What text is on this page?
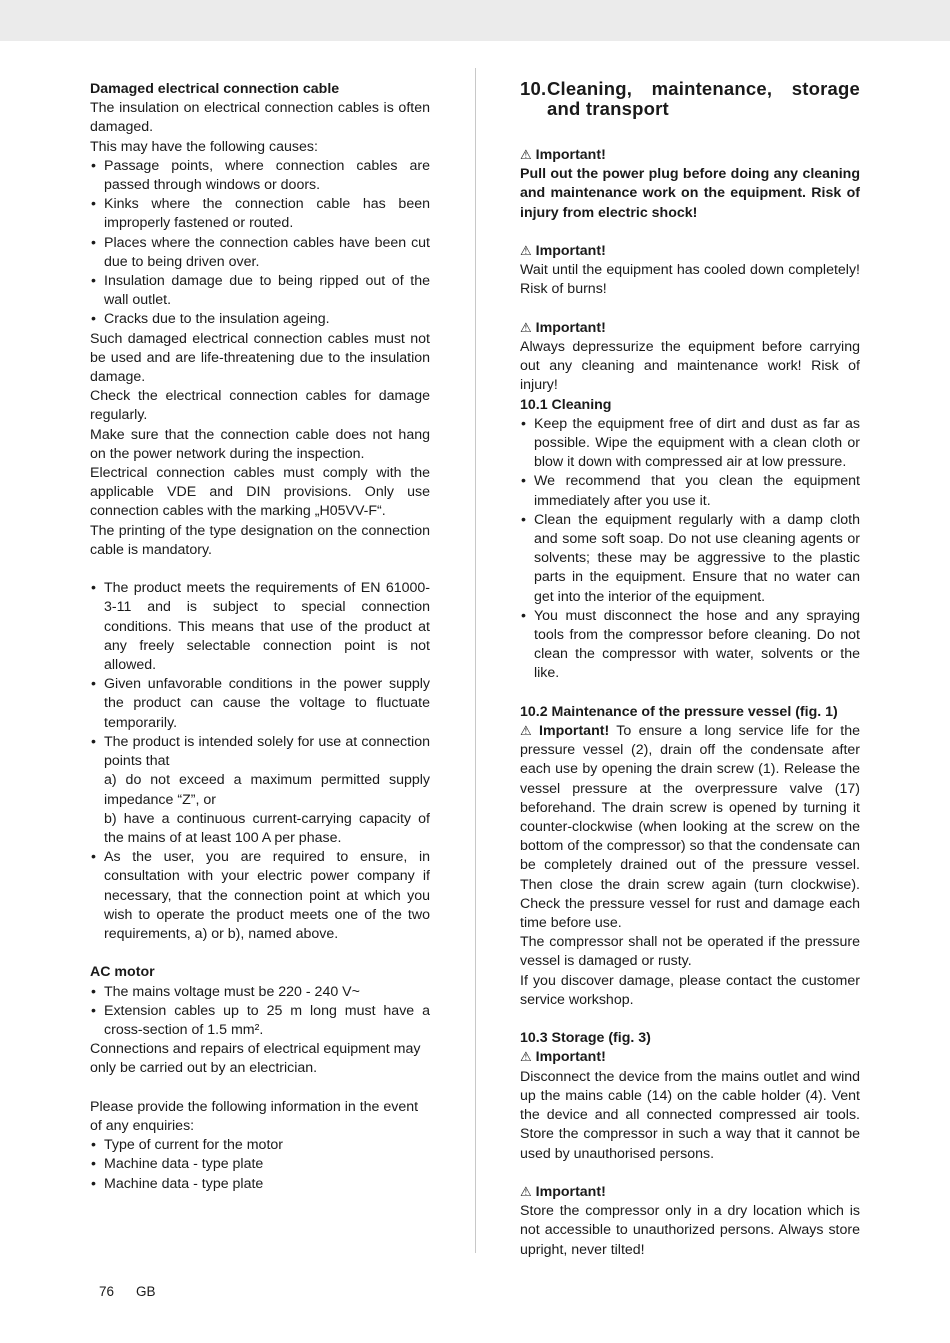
Damaged electrical connection cable

The insulation on electrical connection cables is often damaged.

This may have the following causes:

• Passage points, where connection cables are passed through windows or doors.
• Kinks where the connection cable has been improperly fastened or routed.
• Places where the connection cables have been cut due to being driven over.
• Insulation damage due to being ripped out of the wall outlet.
• Cracks due to the insulation ageing.

Such damaged electrical connection cables must not be used and are life-threatening due to the insulation damage.

Check the electrical connection cables for damage regularly.

Make sure that the connection cable does not hang on the power network during the inspection.

Electrical connection cables must comply with the applicable VDE and DIN provisions. Only use connection cables with the marking „H05VV-F“.

The printing of the type designation on the connection cable is mandatory.

• The product meets the requirements of EN 61000-3-11 and is subject to special connection conditions. This means that use of the product at any freely selectable connection point is not allowed.
• Given unfavorable conditions in the power supply the product can cause the voltage to fluctuate temporarily.
• The product is intended solely for use at connection points that
a) do not exceed a maximum permitted supply impedance “Z”, or
b) have a continuous current-carrying capacity of the mains of at least 100 A per phase.
• As the user, you are required to ensure, in consultation with your electric power company if necessary, that the connection point at which you wish to operate the product meets one of the two requirements, a) or b), named above.

AC motor

• The mains voltage must be 220 - 240 V~
• Extension cables up to 25 m long must have a cross-section of 1.5 mm².

Connections and repairs of electrical equipment may only be carried out by an electrician.

Please provide the following information in the event of any enquiries:

• Type of current for the motor
• Machine data - type plate
• Machine data - type plate
10. Cleaning, maintenance, storage
and transport

⚠ Important!

Pull out the power plug before doing any cleaning and maintenance work on the equipment. Risk of injury from electric shock!

⚠ Important!

Wait until the equipment has cooled down completely! Risk of burns!

⚠ Important!

Always depressurize the equipment before carrying out any cleaning and maintenance work! Risk of injury!

10.1 Cleaning

• Keep the equipment free of dirt and dust as far as possible. Wipe the equipment with a clean cloth or blow it down with compressed air at low pressure.
• We recommend that you clean the equipment immediately after you use it.
• Clean the equipment regularly with a damp cloth and some soft soap. Do not use cleaning agents or solvents; these may be aggressive to the plastic parts in the equipment. Ensure that no water can get into the interior of the equipment.
• You must disconnect the hose and any spraying tools from the compressor before cleaning. Do not clean the compressor with water, solvents or the like.

10.2 Maintenance of the pressure vessel (fig. 1)

⚠ Important! To ensure a long service life for the pressure vessel (2), drain off the condensate after each use by opening the drain screw (1). Release the vessel pressure at the overpressure valve (17) beforehand. The drain screw is opened by turning it counter-clockwise (when looking at the screw on the bottom of the compressor) so that the condensate can be completely drained out of the pressure vessel. Then close the drain screw again (turn clockwise). Check the pressure vessel for rust and damage each time before use.

The compressor shall not be operated if the pressure vessel is damaged or rusty.

If you discover damage, please contact the customer service workshop.

10.3 Storage (fig. 3)

⚠ Important!

Disconnect the device from the mains outlet and wind up the mains cable (14) on the cable holder (4). Vent the device and all connected compressed air tools. Store the compressor in such a way that it cannot be used by unauthorised persons.

⚠ Important!

Store the compressor only in a dry location which is not accessible to unauthorized persons. Always store upright, never tilted!

76 GB
